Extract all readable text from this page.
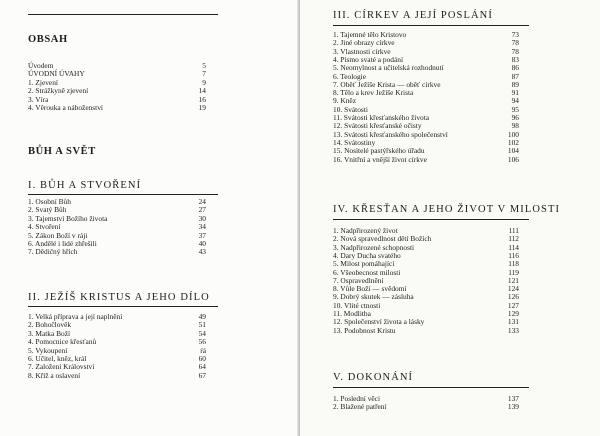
OBSAH
Úvodem	5
ÚVODNÍ ÚVAHY	7
1. Zjevení	9
2. Strážkyně zjevení	14
3. Víra	16
4. Věrouka a náboženství	19
BŮH A SVĚT
I. BŮH A STVOŘENÍ
1. Osobní Bůh	24
2. Svatý Bůh	27
3. Tajemství Božího života	30
4. Stvoření	34
5. Zákon Boží v ráji	37
6. Andělé i lidé zhřešili	40
7. Dědičný hřích	43
II. JEŽÍŠ KRISTUS A JEHO DÍLO
1. Velká příprava a její naplnění	49
2. Bohočlověk	51
3. Matka Boží	54
4. Pomocnice křesťanů	56
5. Vykoupení	ŕá
6. Učitel, kněz, král	60
7. Založení Království	64
8. Kříž a oslavení	67
III. CÍRKEV A JEJÍ POSLÁNÍ
1. Tajemné tělo Kristovo	73
2. Jiné obrazy církve	78
3. Vlastnosti církve	78
4. Písmo svaté a podání	83
5. Neomylnost a učitelská rozhodnutí	86
6. Teologie	87
7. Oběť Ježíše Krista — oběť církve	89
8. Tělo a krev Ježíše Krista	91
9. Kněz	94
10. Svátosti	95
11. Svátosti křesťanského života	96
12. Svátosti křesťanské očisty	98
13. Svátosti křesťanského společenství	100
14. Svátostiny	102
15. Nositelé pastýřského úřadu	104
16. Vnitřní a vnější život církve	106
IV. KŘESŤAN A JEHO ŽIVOT V MILOSTI
1. Nadpřirozený život	111
2. Nová spravedlnost dětí Božích	112
3. Nadpřirozené schopnosti	114
4. Dary Ducha svatého	116
5. Milost pomáhající	118
6. Všeobecnost milosti	119
7. Ospravedlnění	121
8. Vůle Boží — svědomí	124
9. Dobrý skutek — zásluha	126
10. Vlité ctnosti	127
11. Modlitba	129
12. Společenství života a lásky	131
13. Podobnost Kristu	133
V. DOKONÁNÍ
1. Poslední věci	137
2. Blažené patření	139
